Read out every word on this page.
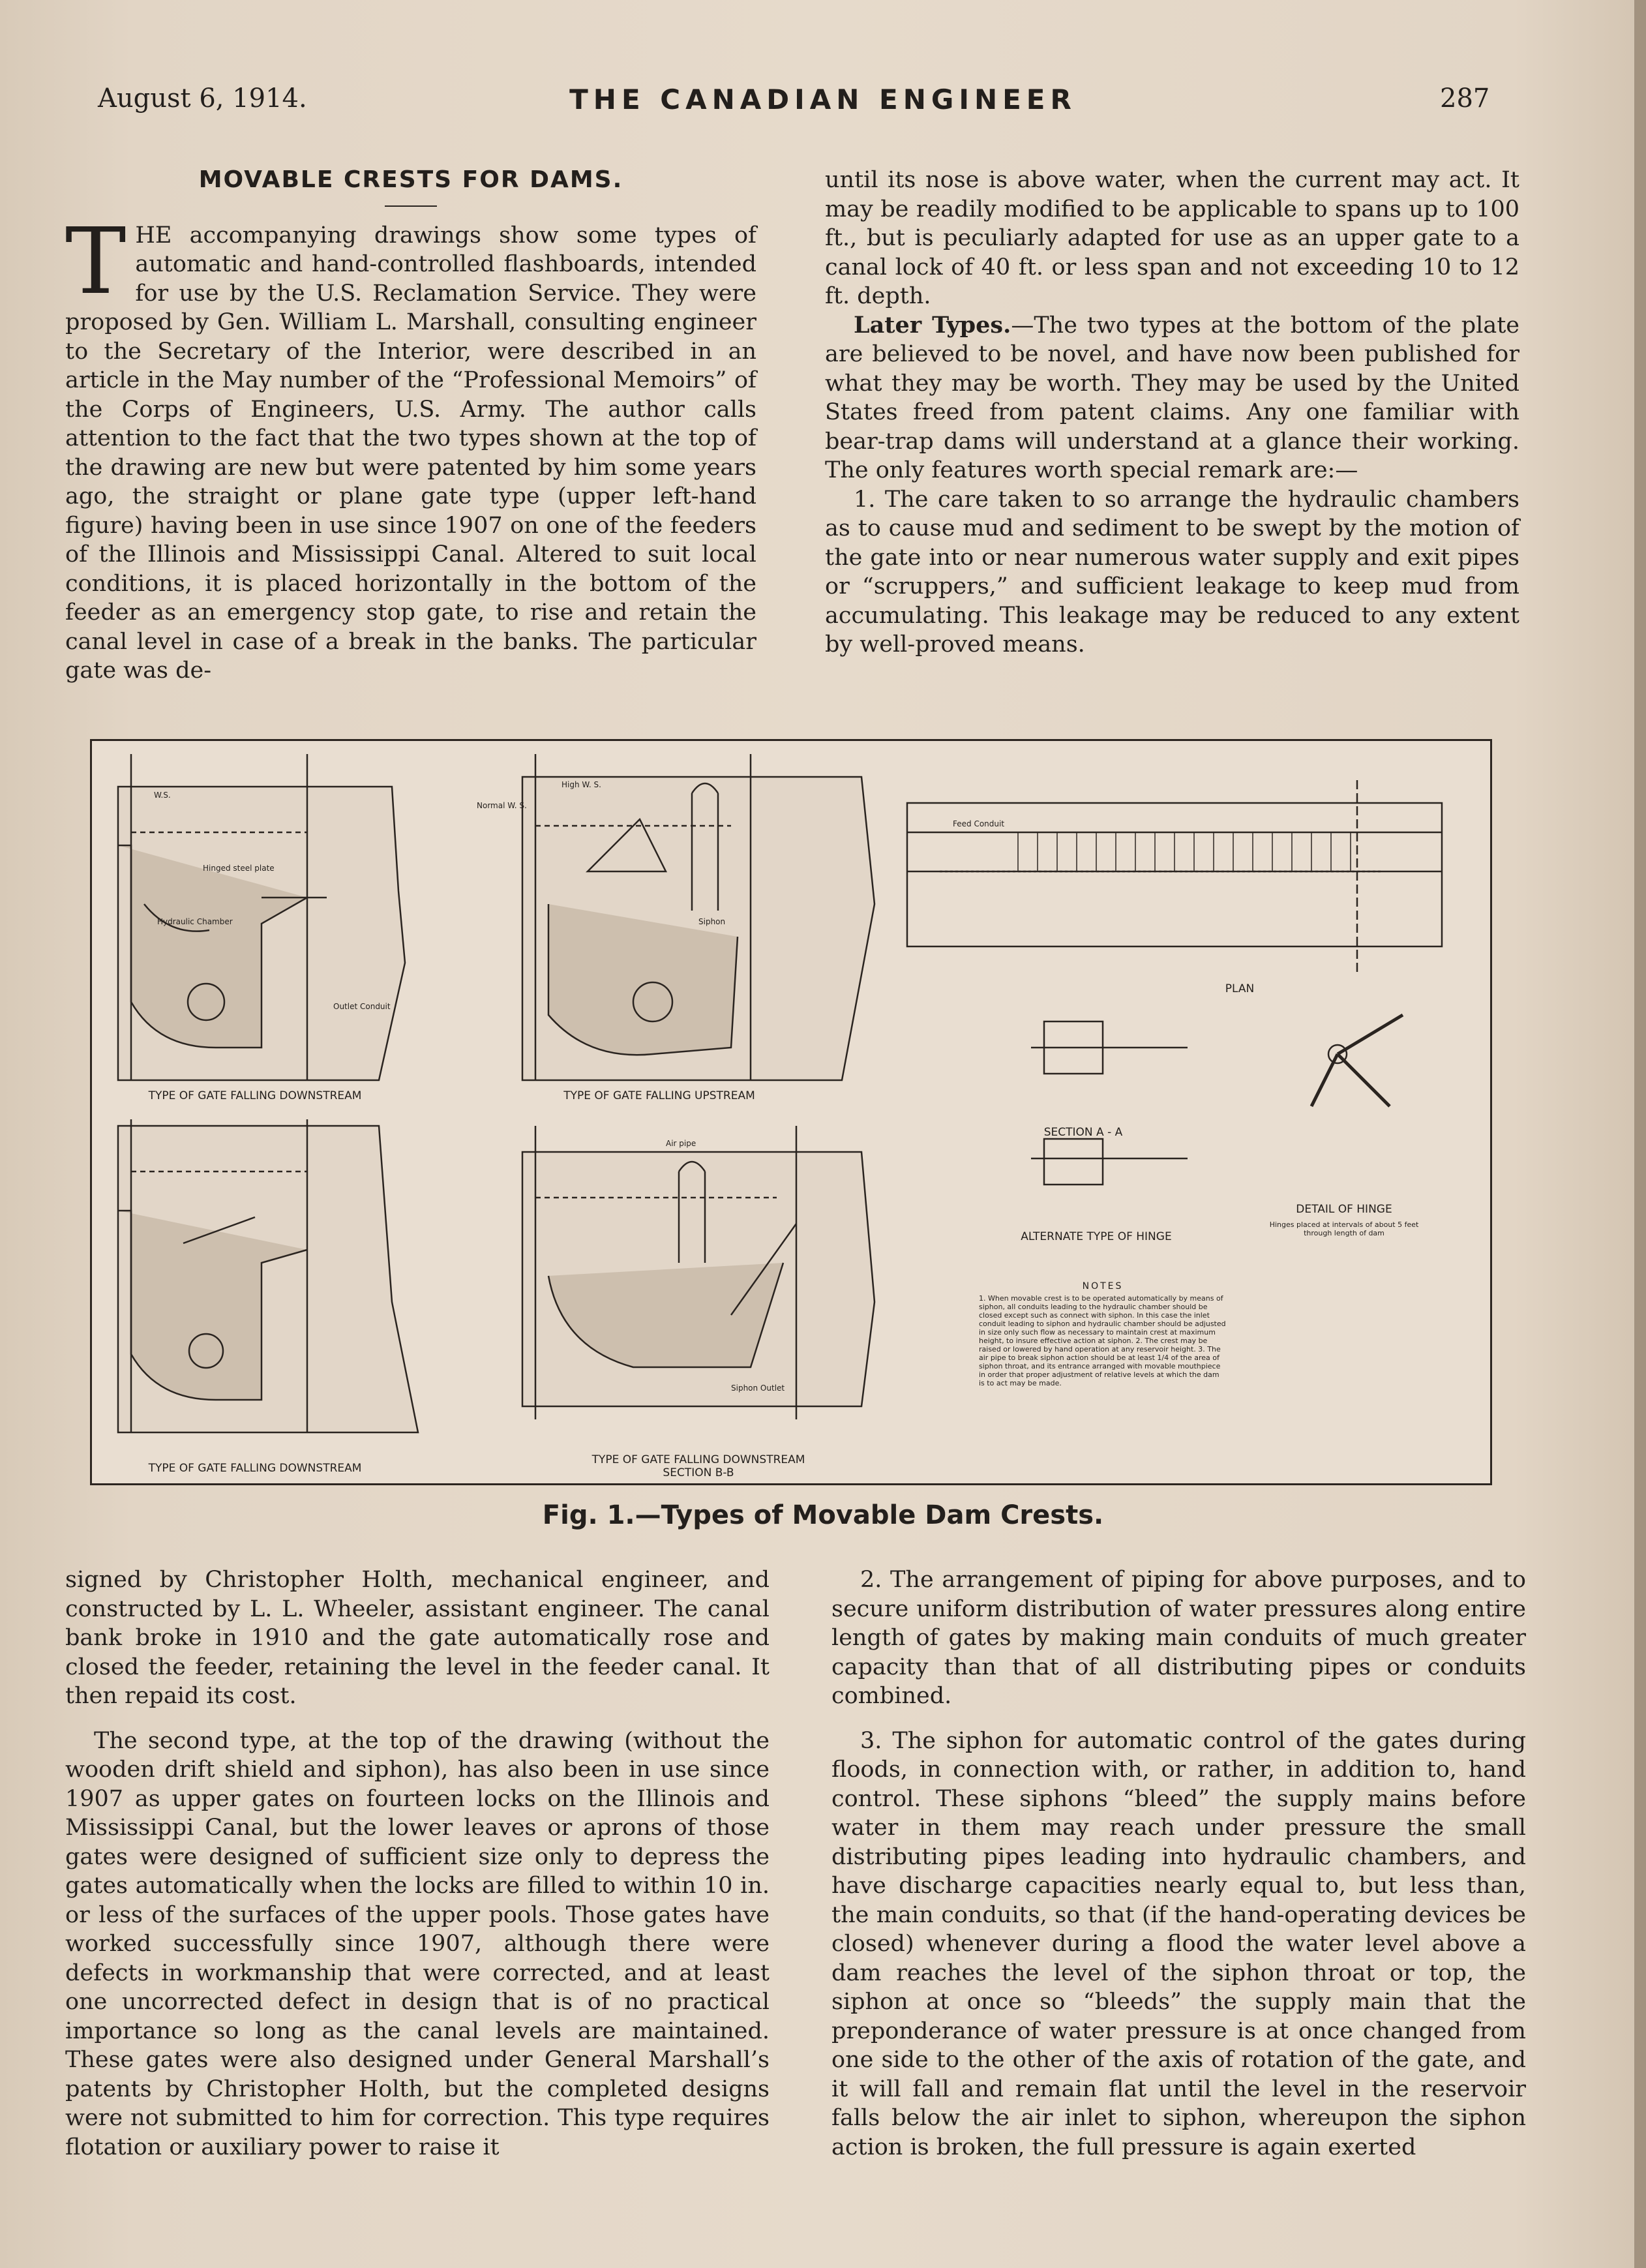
August 6, 1914.	THE CANADIAN ENGINEER	287
MOVABLE CRESTS FOR DAMS.

THE accompanying drawings show some types of automatic and hand-controlled flashboards, intended for use by the U.S. Reclamation Service. They were proposed by Gen. William L. Marshall, consulting engineer to the Secretary of the Interior, were described in an article in the May number of the “Professional Memoirs” of the Corps of Engineers, U.S. Army. The author calls attention to the fact that the two types shown at the top of the drawing are new but were patented by him some years ago, the straight or plane gate type (upper left-hand figure) having been in use since 1907 on one of the feeders of the Illinois and Mississippi Canal. Altered to suit local conditions, it is placed horizontally in the bottom of the feeder as an emergency stop gate, to rise and retain the canal level in case of a break in the banks. The particular gate was de-

until its nose is above water, when the current may act. It may be readily modified to be applicable to spans up to 100 ft., but is peculiarly adapted for use as an upper gate to a canal lock of 40 ft. or less span and not exceeding 10 to 12 ft. depth.

Later Types.—The two types at the bottom of the plate are believed to be novel, and have now been published for what they may be worth. They may be used by the United States freed from patent claims. Any one familiar with bear-trap dams will understand at a glance their working. The only features worth special remark are:—

1. The care taken to so arrange the hydraulic chambers as to cause mud and sediment to be swept by the motion of the gate into or near numerous water supply and exit pipes or “scruppers,” and sufficient leakage to keep mud from accumulating. This leakage may be reduced to any extent by well-proved means.

TYPE OF GATE FALLING DOWNSTREAM	TYPE OF GATE FALLING UPSTREAM
TYPE OF GATE FALLING DOWNSTREAM
TYPE OF GATE FALLING DOWNSTREAM
SECTION B-B
PLAN
SECTION A - A
ALTERNATE TYPE OF HINGE
DETAIL OF HINGE
Hinges placed at intervals of about 5 feet through length of dam
NOTES
1. When movable crest is to be operated automatically by means of siphon, all conduits leading to the hydraulic chamber should be closed except such as connect with siphon. In this case the inlet conduit leading to siphon and hydraulic chamber should be adjusted in size only such flow as necessary to maintain crest at maximum height, to insure effective action at siphon. 2. The crest may be raised or lowered by hand operation at any reservoir height. 3. The air pipe to break siphon action should be at least 1/4 of the area of siphon throat, and its entrance arranged with movable mouthpiece in order that proper adjustment of relative levels at which the dam is to act may be made.
W.S.
Hinged steel plate
Hydraulic Chamber
Outlet Conduit
High W. S.
Normal W. S.
Siphon
Feed Conduit
Siphon Outlet
Air pipe
Fig. 1.—Types of Movable Dam Crests.

signed by Christopher Holth, mechanical engineer, and constructed by L. L. Wheeler, assistant engineer. The canal bank broke in 1910 and the gate automatically rose and closed the feeder, retaining the level in the feeder canal. It then repaid its cost.

The second type, at the top of the drawing (without the wooden drift shield and siphon), has also been in use since 1907 as upper gates on fourteen locks on the Illinois and Mississippi Canal, but the lower leaves or aprons of those gates were designed of sufficient size only to depress the gates automatically when the locks are filled to within 10 in. or less of the surfaces of the upper pools. Those gates have worked successfully since 1907, although there were defects in workmanship that were corrected, and at least one uncorrected defect in design that is of no practical importance so long as the canal levels are maintained. These gates were also designed under General Marshall’s patents by Christopher Holth, but the completed designs were not submitted to him for correction. This type requires flotation or auxiliary power to raise it

2. The arrangement of piping for above purposes, and to secure uniform distribution of water pressures along entire length of gates by making main conduits of much greater capacity than that of all distributing pipes or conduits combined.

3. The siphon for automatic control of the gates during floods, in connection with, or rather, in addition to, hand control. These siphons “bleed” the supply mains before water in them may reach under pressure the small distributing pipes leading into hydraulic chambers, and have discharge capacities nearly equal to, but less than, the main conduits, so that (if the hand-operating devices be closed) whenever during a flood the water level above a dam reaches the level of the siphon throat or top, the siphon at once so “bleeds” the supply main that the preponderance of water pressure is at once changed from one side to the other of the axis of rotation of the gate, and it will fall and remain flat until the level in the reservoir falls below the air inlet to siphon, whereupon the siphon action is broken, the full pressure is again exerted
